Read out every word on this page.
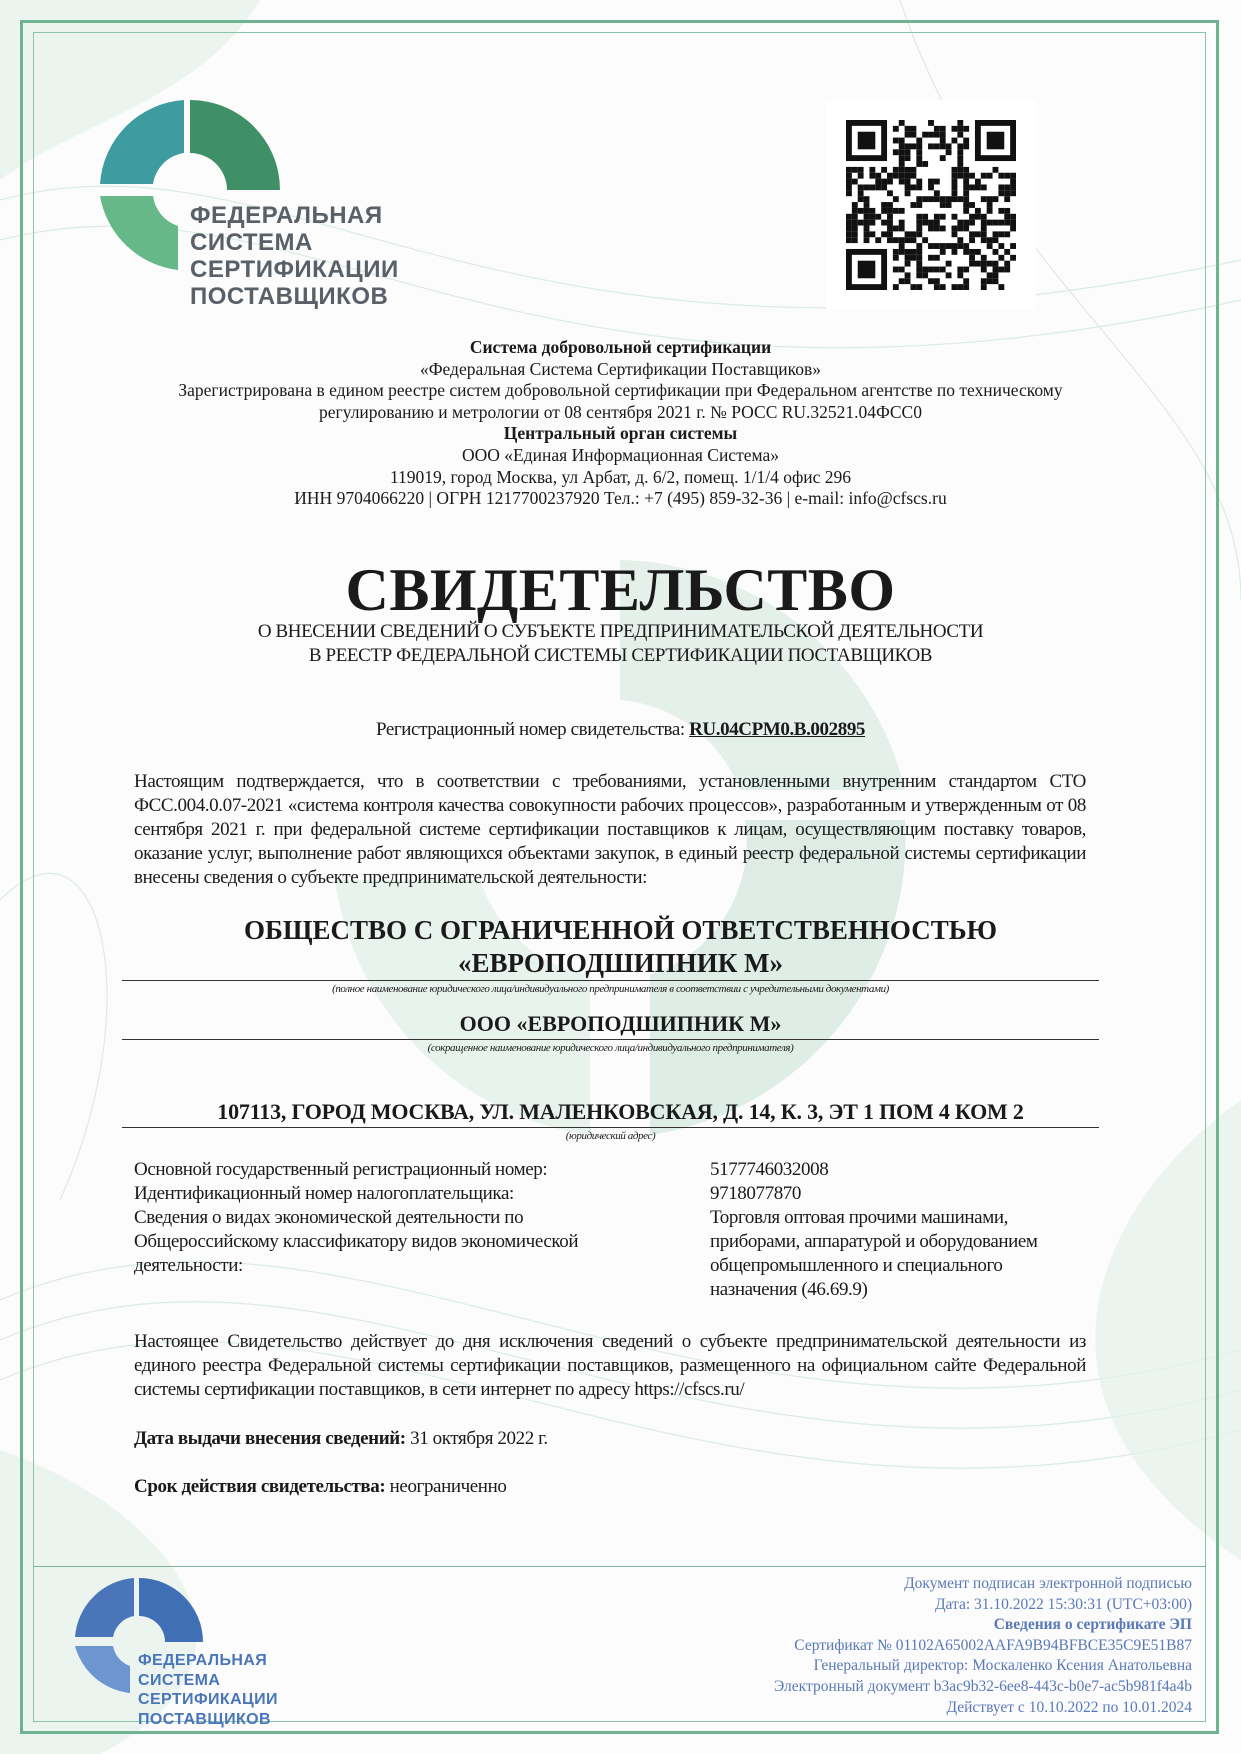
ФЕДЕРАЛЬНАЯ
СИСТЕМА
СЕРТИФИКАЦИИ
ПОСТАВЩИКОВ
Система добровольной сертификации
«Федеральная Система Сертификации Поставщиков»
Зарегистрирована в едином реестре систем добровольной сертификации при Федеральном агентстве по техническому
регулированию и метрологии от 08 сентября 2021 г. № РОСС RU.32521.04ФСС0
Центральный орган системы
ООО «Единая Информационная Система»
119019, город Москва, ул Арбат, д. 6/2, помещ. 1/1/4 офис 296
ИНН 9704066220 | ОГРН 1217700237920 Тел.: +7 (495) 859-32-36 | e-mail: info@cfscs.ru
СВИДЕТЕЛЬСТВО
О ВНЕСЕНИИ СВЕДЕНИЙ О СУБЪЕКТЕ ПРЕДПРИНИМАТЕЛЬСКОЙ ДЕЯТЕЛЬНОСТИ
В РЕЕСТР ФЕДЕРАЛЬНОЙ СИСТЕМЫ СЕРТИФИКАЦИИ ПОСТАВЩИКОВ
Регистрационный номер свидетельства: RU.04CPM0.B.002895
Настоящим подтверждается, что в соответствии с требованиями, установленными внутренним стандартом СТО ФСС.004.0.07-2021 «система контроля качества совокупности рабочих процессов», разработанным и утвержденным от 08 сентября 2021 г. при федеральной системе сертификации поставщиков к лицам, осуществляющим поставку товаров, оказание услуг, выполнение работ являющихся объектами закупок, в единый реестр федеральной системы сертификации внесены сведения о субъекте предпринимательской деятельности:
ОБЩЕСТВО С ОГРАНИЧЕННОЙ ОТВЕТСТВЕННОСТЬЮ
«ЕВРОПОДШИПНИК М»
(полное наименование юридического лица/индивидуального предпринимателя в соответствии с учредительными документами)
ООО «ЕВРОПОДШИПНИК М»
(сокращенное наименование юридического лица/индивидуального предпринимателя)
107113, ГОРОД МОСКВА, УЛ. МАЛЕНКОВСКАЯ, Д. 14, К. 3, ЭТ 1 ПОМ 4 КОМ 2
(юридический адрес)
Основной государственный регистрационный номер:	5177746032008
Идентификационный номер налогоплательщика:	9718077870
Сведения о видах экономической деятельности по
Общероссийскому классификатору видов экономической
деятельности:
Торговля оптовая прочими машинами,
приборами, аппаратурой и оборудованием
общепромышленного и специального
назначения (46.69.9)
Настоящее Свидетельство действует до дня исключения сведений о субъекте предпринимательской деятельности из единого реестра Федеральной системы сертификации поставщиков, размещенного на официальном сайте Федеральной системы сертификации поставщиков, в сети интернет по адресу https://cfscs.ru/
Дата выдачи внесения сведений: 31 октября 2022 г.
Срок действия свидетельства: неограниченно
ФЕДЕРАЛЬНАЯ
СИСТЕМА
СЕРТИФИКАЦИИ
ПОСТАВЩИКОВ
Документ подписан электронной подписью
Дата: 31.10.2022 15:30:31 (UTC+03:00)
Сведения о сертификате ЭП
Сертификат № 01102A65002AAFA9B94BFBCE35C9E51B87
Генеральный директор: Москаленко Ксения Анатольевна
Электронный документ b3ac9b32-6ee8-443c-b0e7-ac5b981f4a4b
Действует с 10.10.2022 по 10.01.2024
